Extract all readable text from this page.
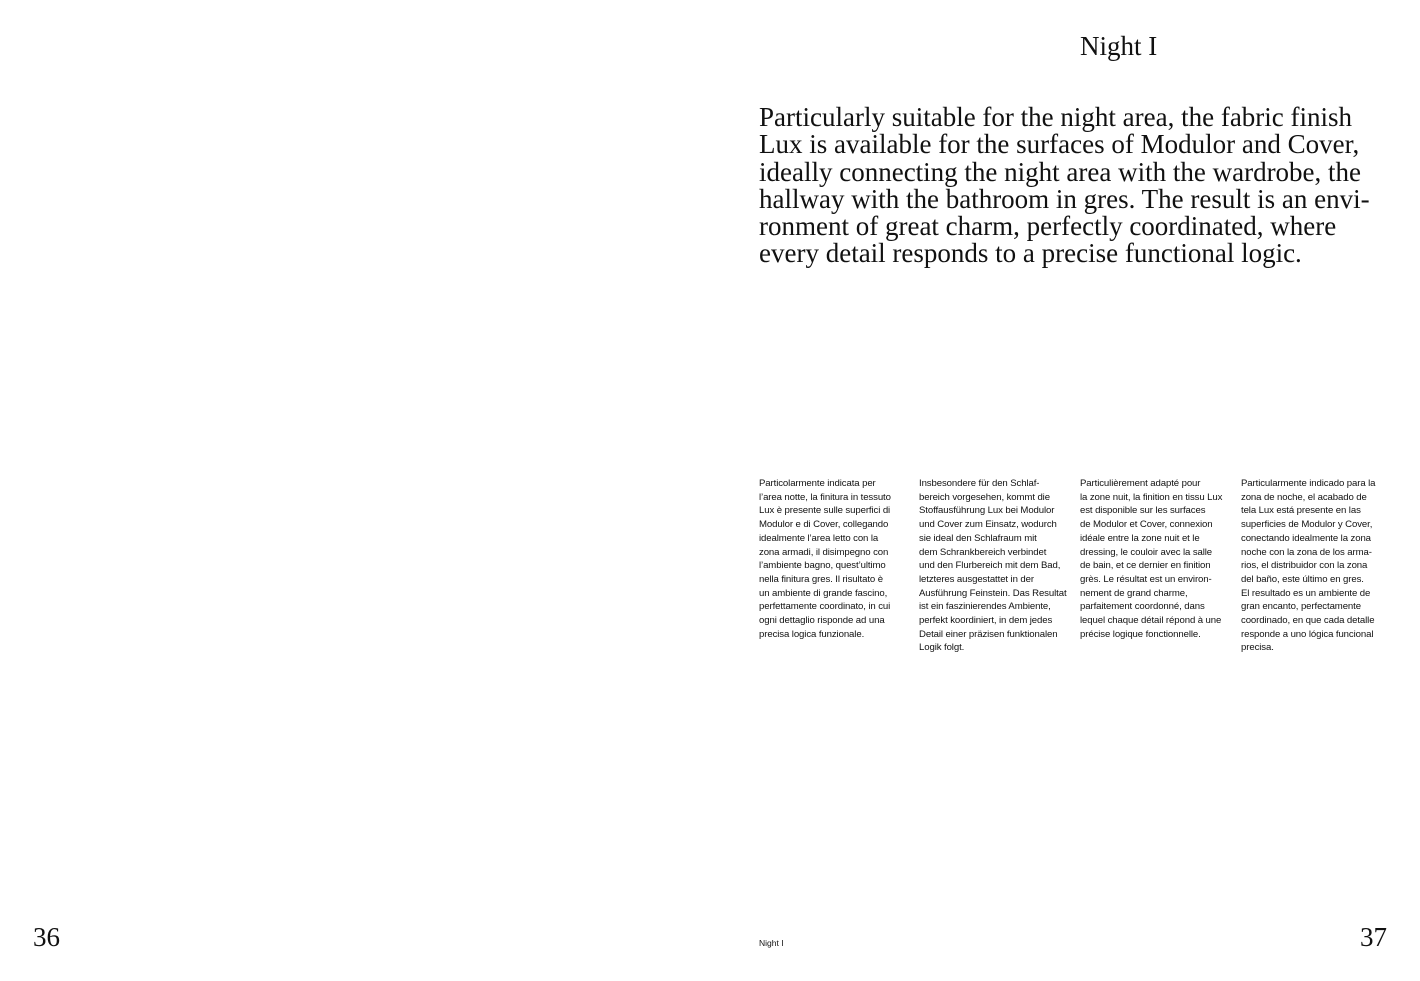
Night I
Particularly suitable for the night area, the fabric finish
Lux is available for the surfaces of Modulor and Cover,
ideally connecting the night area with the wardrobe, the
hallway with the bathroom in gres. The result is an envi-
ronment of great charm, perfectly coordinated, where
every detail responds to a precise functional logic.
Particolarmente indicata per
l’area notte, la finitura in tessuto
Lux è presente sulle superfici di
Modulor e di Cover, collegando
idealmente l’area letto con la
zona armadi, il disimpegno con
l’ambiente bagno, quest’ultimo
nella finitura gres. Il risultato è
un ambiente di grande fascino,
perfettamente coordinato, in cui
ogni dettaglio risponde ad una
precisa logica funzionale.
Insbesondere für den Schlaf-
bereich vorgesehen, kommt die
Stoffausführung Lux bei Modulor
und Cover zum Einsatz, wodurch
sie ideal den Schlafraum mit
dem Schrankbereich verbindet
und den Flurbereich mit dem Bad,
letzteres ausgestattet in der
Ausführung Feinstein. Das Resultat
ist ein faszinierendes Ambiente,
perfekt koordiniert, in dem jedes
Detail einer präzisen funktionalen
Logik folgt.
Particulièrement adapté pour
la zone nuit, la finition en tissu Lux
est disponible sur les surfaces
de Modulor et Cover, connexion
idéale entre la zone nuit et le
dressing, le couloir avec la salle
de bain, et ce dernier en finition
grès. Le résultat est un environ-
nement de grand charme,
parfaitement coordonné, dans
lequel chaque détail répond à une
précise logique fonctionnelle.
Particularmente indicado para la
zona de noche, el acabado de
tela Lux está presente en las
superficies de Modulor y Cover,
conectando idealmente la zona
noche con la zona de los arma-
rios, el distribuidor con la zona
del baño, este último en gres.
El resultado es un ambiente de
gran encanto, perfectamente
coordinado, en que cada detalle
responde a uno lógica funcional
precisa.
36	Night I	37
